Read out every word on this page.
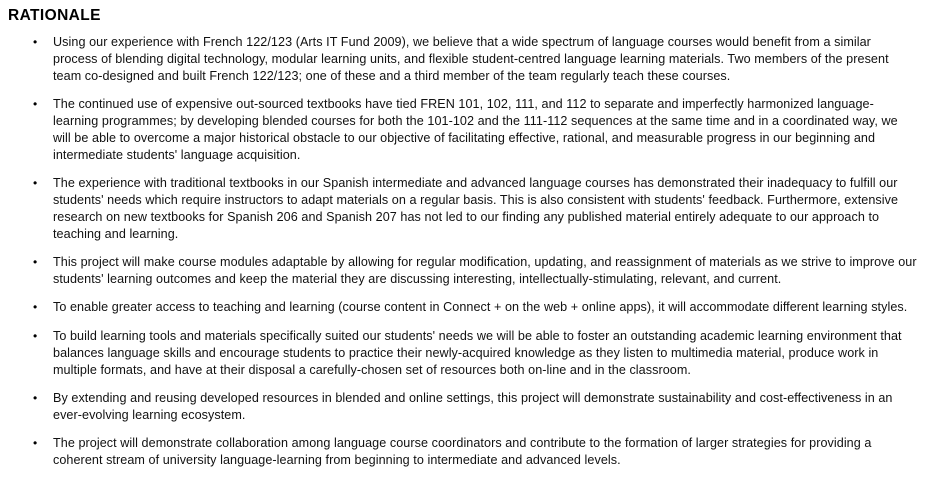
RATIONALE
• Using our experience with French 122/123 (Arts IT Fund 2009), we believe that a wide spectrum of language courses would benefit from a similar process of blending digital technology, modular learning units, and flexible student-centred language learning materials. Two members of the present team co-designed and built French 122/123; one of these and a third member of the team regularly teach these courses.
• The continued use of expensive out-sourced textbooks have tied FREN 101, 102, 111, and 112 to separate and imperfectly harmonized language-learning programmes; by developing blended courses for both the 101-102 and the 111-112 sequences at the same time and in a coordinated way, we will be able to overcome a major historical obstacle to our objective of facilitating effective, rational, and measurable progress in our beginning and intermediate students' language acquisition.
• The experience with traditional textbooks in our Spanish intermediate and advanced language courses has demonstrated their inadequacy to fulfill our students' needs which require instructors to adapt materials on a regular basis. This is also consistent with students' feedback. Furthermore, extensive research on new textbooks for Spanish 206 and Spanish 207 has not led to our finding any published material entirely adequate to our approach to teaching and learning.
• This project will make course modules adaptable by allowing for regular modification, updating, and reassignment of materials as we strive to improve our students' learning outcomes and keep the material they are discussing interesting, intellectually-stimulating, relevant, and current.
• To enable greater access to teaching and learning (course content in Connect + on the web + online apps), it will accommodate different learning styles.
• To build learning tools and materials specifically suited our students' needs we will be able to foster an outstanding academic learning environment that balances language skills and encourage students to practice their newly-acquired knowledge as they listen to multimedia material, produce work in multiple formats, and have at their disposal a carefully-chosen set of resources both on-line and in the classroom.
• By extending and reusing developed resources in blended and online settings, this project will demonstrate sustainability and cost-effectiveness in an ever-evolving learning ecosystem.
• The project will demonstrate collaboration among language course coordinators and contribute to the formation of larger strategies for providing a coherent stream of university language-learning from beginning to intermediate and advanced levels.
